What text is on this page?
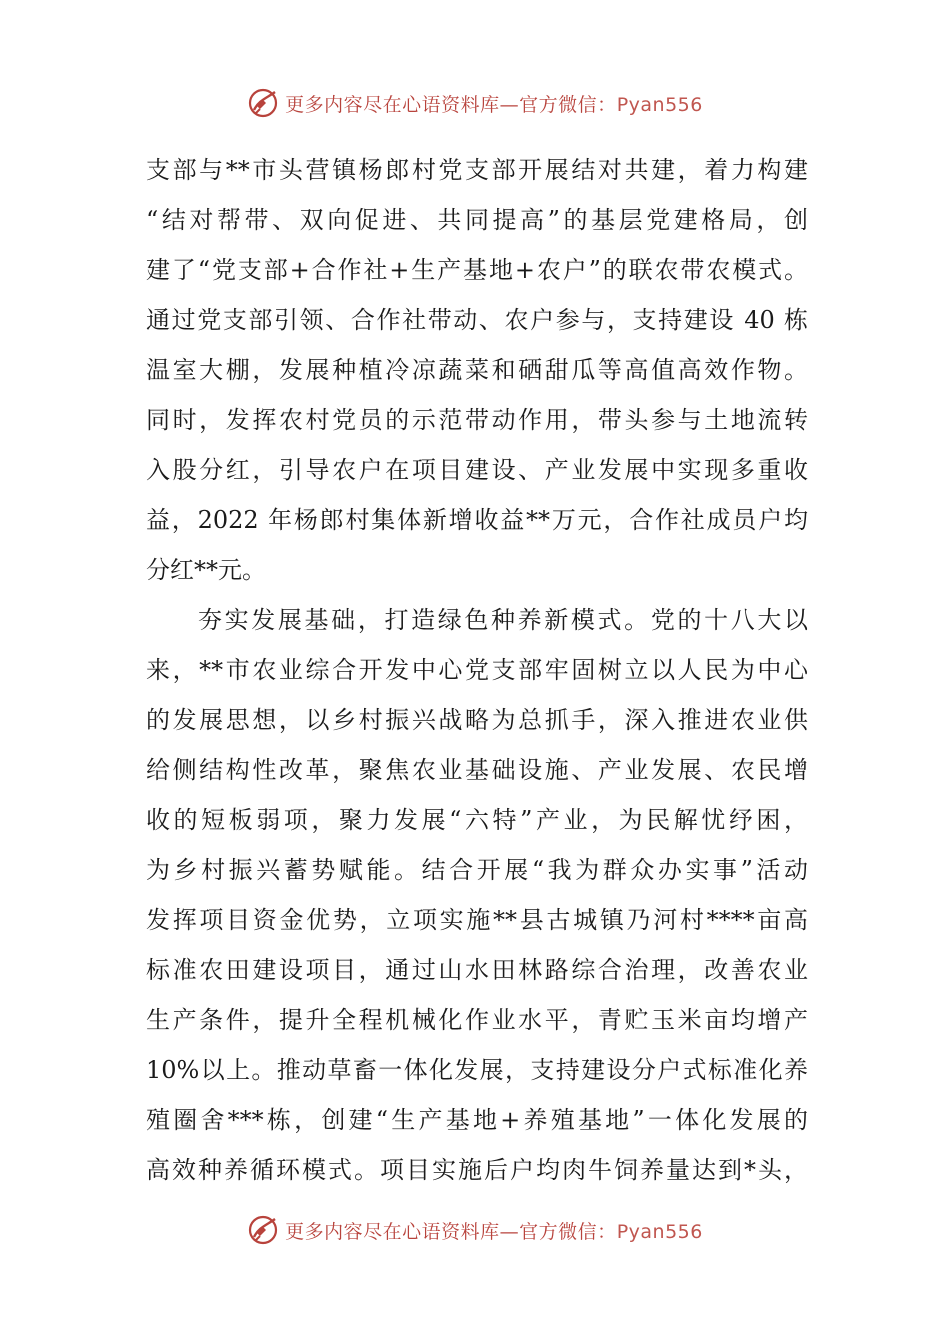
更多内容尽在心语资料库—官方微信：Pyan556
支部与**市头营镇杨郎村党支部开展结对共建，着力构建
“结对帮带、双向促进、共同提高”的基层党建格局，创
建了“党支部+合作社+生产基地+农户”的联农带农模式。
通过党支部引领、合作社带动、农户参与，支持建设 40 栋
温室大棚，发展种植冷凉蔬菜和硒甜瓜等高值高效作物。
同时，发挥农村党员的示范带动作用，带头参与土地流转
入股分红，引导农户在项目建设、产业发展中实现多重收
益，2022 年杨郎村集体新增收益**万元，合作社成员户均
分红**元。
夯实发展基础，打造绿色种养新模式。党的十八大以
来，**市农业综合开发中心党支部牢固树立以人民为中心
的发展思想，以乡村振兴战略为总抓手，深入推进农业供
给侧结构性改革，聚焦农业基础设施、产业发展、农民增
收的短板弱项，聚力发展“六特”产业，为民解忧纾困，
为乡村振兴蓄势赋能。结合开展“我为群众办实事”活动
发挥项目资金优势，立项实施**县古城镇乃河村****亩高
标准农田建设项目，通过山水田林路综合治理，改善农业
生产条件，提升全程机械化作业水平，青贮玉米亩均增产
10%以上。推动草畜一体化发展，支持建设分户式标准化养
殖圈舍***栋，创建“生产基地+养殖基地”一体化发展的
高效种养循环模式。项目实施后户均肉牛饲养量达到*头，
更多内容尽在心语资料库—官方微信：Pyan556
